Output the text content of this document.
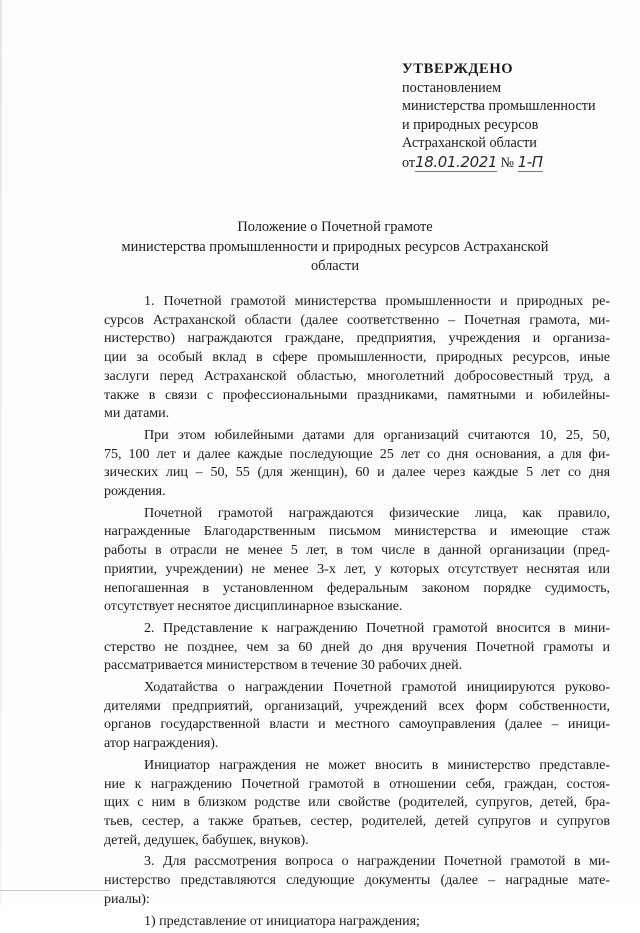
УТВЕРЖДЕНО
постановлением
министерства промышленности
и природных ресурсов
Астраханской области
от18.01.2021 № 1-П
Положение о Почетной грамоте
министерства промышленности и природных ресурсов Астраханской
области
1. Почетной грамотой министерства промышленности и природных ре-
сурсов Астраханской области (далее соответственно – Почетная грамота, ми-
нистерство) награждаются граждане, предприятия, учреждения и организа-
ции за особый вклад в сфере промышленности, природных ресурсов, иные
заслуги перед Астраханской областью, многолетний добросовестный труд, а
также в связи с профессиональными праздниками, памятными и юбилейны-
ми датами.
При этом юбилейными датами для организаций считаются 10, 25, 50,
75, 100 лет и далее каждые последующие 25 лет со дня основания, а для фи-
зических лиц – 50, 55 (для женщин), 60 и далее через каждые 5 лет со дня
рождения.
Почетной грамотой награждаются физические лица, как правило,
награжденные Благодарственным письмом министерства и имеющие стаж
работы в отрасли не менее 5 лет, в том числе в данной организации (пред-
приятии, учреждении) не менее 3-х лет, у которых отсутствует неснятая или
непогашенная в установленном федеральным законом порядке судимость,
отсутствует неснятое дисциплинарное взыскание.
2. Представление к награждению Почетной грамотой вносится в мини-
стерство не позднее, чем за 60 дней до дня вручения Почетной грамоты и
рассматривается министерством в течение 30 рабочих дней.
Ходатайства о награждении Почетной грамотой инициируются руково-
дителями предприятий, организаций, учреждений всех форм собственности,
органов государственной власти и местного самоуправления (далее – иници-
атор награждения).
Инициатор награждения не может вносить в министерство представле-
ние к награждению Почетной грамотой в отношении себя, граждан, состоя-
щих с ним в близком родстве или свойстве (родителей, супругов, детей, бра-
тьев, сестер, а также братьев, сестер, родителей, детей супругов и супругов
детей, дедушек, бабушек, внуков).
3. Для рассмотрения вопроса о награждении Почетной грамотой в ми-
нистерство представляются следующие документы (далее – наградные мате-
риалы):
1) представление от инициатора награждения;
